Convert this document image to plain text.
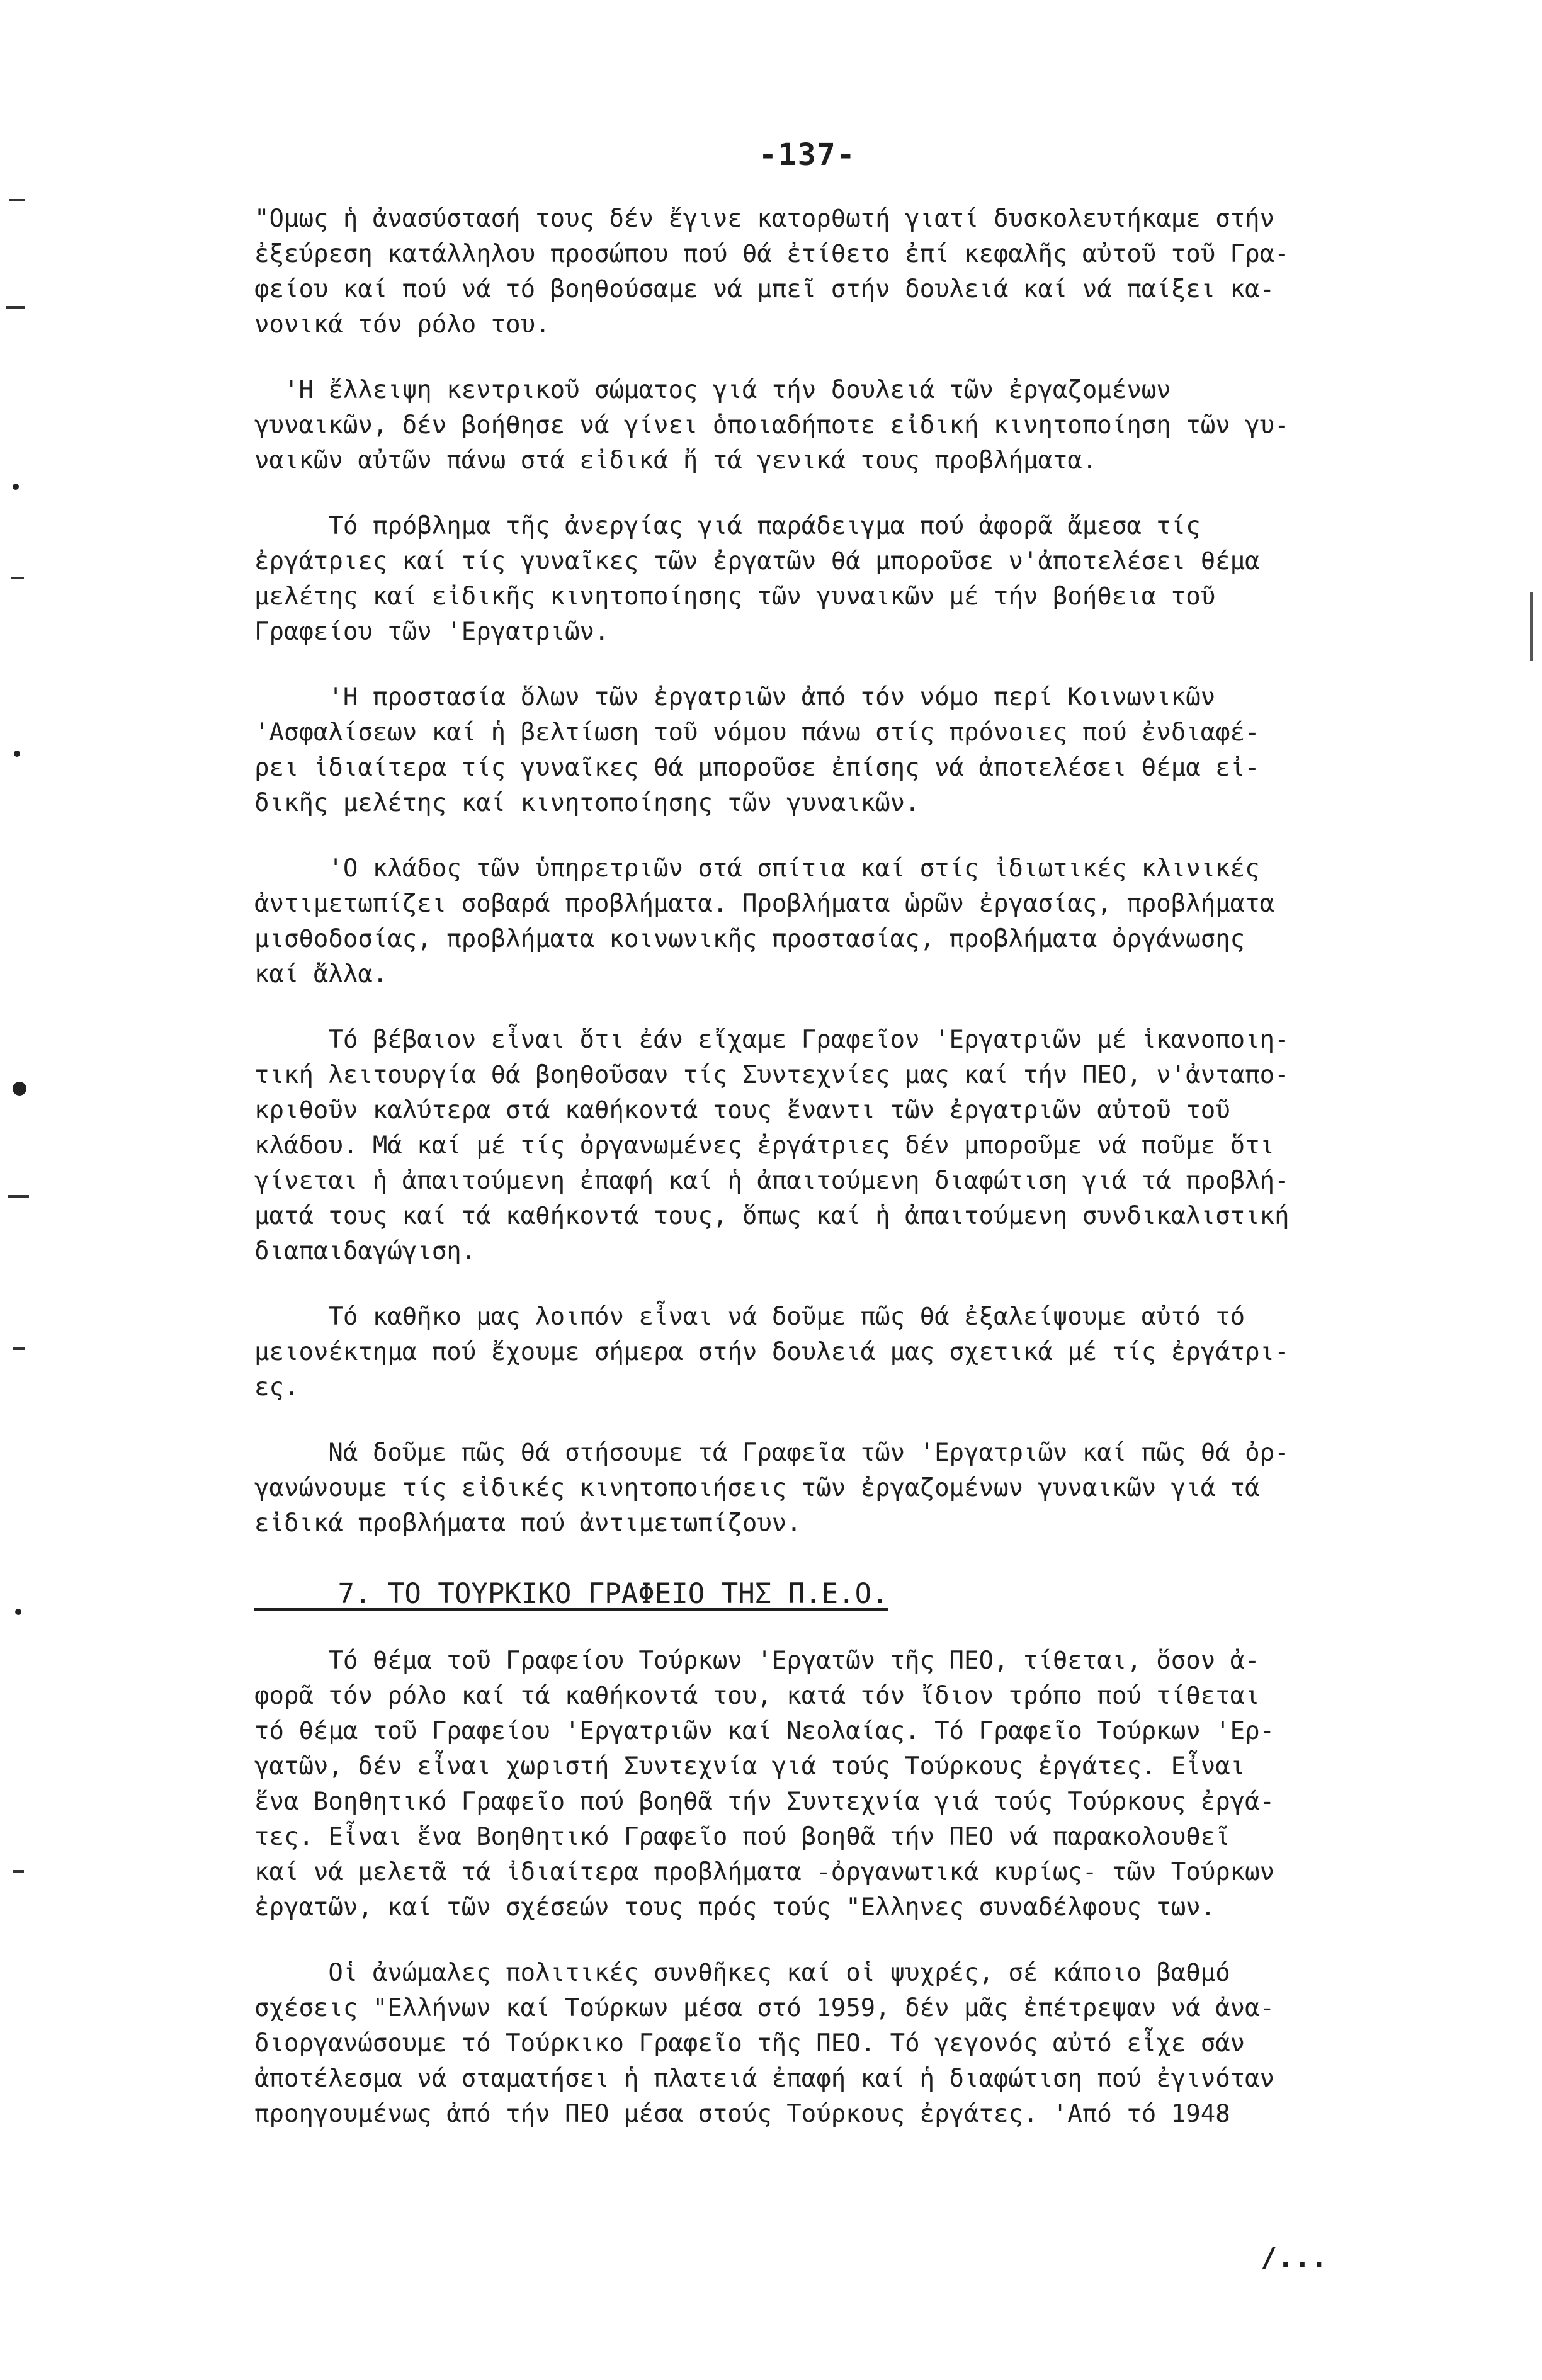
-137-
"Ομως ἡ ἀνασύστασή τους δέν ἔγινε κατορθωτή γιατί δυσκολευτήκαμε στήν
ἐξεύρεση κατάλληλου προσώπου πού θά ἐτίθετο ἐπί κεφαλῆς αὐτοῦ τοῦ Γρα-
φείου καί πού νά τό βοηθούσαμε νά μπεῖ στήν δουλειά καί νά παίξει κα-
νονικά τόν ρόλο του.
'Η ἔλλειψη κεντρικοῦ σώματος γιά τήν δουλειά τῶν ἐργαζομένων
γυναικῶν, δέν βοήθησε νά γίνει ὁποιαδήποτε εἰδική κινητοποίηση τῶν γυ-
ναικῶν αὐτῶν πάνω στά εἰδικά ἤ τά γενικά τους προβλήματα.
Τό πρόβλημα τῆς ἀνεργίας γιά παράδειγμα πού ἀφορᾶ ἄμεσα τίς
ἐργάτριες καί τίς γυναῖκες τῶν ἐργατῶν θά μποροῦσε ν'ἀποτελέσει θέμα
μελέτης καί εἰδικῆς κινητοποίησης τῶν γυναικῶν μέ τήν βοήθεια τοῦ
Γραφείου τῶν 'Εργατριῶν.
'Η προστασία ὅλων τῶν ἐργατριῶν ἀπό τόν νόμο περί Κοινωνικῶν
'Ασφαλίσεων καί ἡ βελτίωση τοῦ νόμου πάνω στίς πρόνοιες πού ἐνδιαφέ-
ρει ἰδιαίτερα τίς γυναῖκες θά μποροῦσε ἐπίσης νά ἀποτελέσει θέμα εἰ-
δικῆς μελέτης καί κινητοποίησης τῶν γυναικῶν.
'Ο κλάδος τῶν ὑπηρετριῶν στά σπίτια καί στίς ἰδιωτικές κλινικές
ἀντιμετωπίζει σοβαρά προβλήματα. Προβλήματα ὡρῶν ἐργασίας, προβλήματα
μισθοδοσίας, προβλήματα κοινωνικῆς προστασίας, προβλήματα ὀργάνωσης
καί ἄλλα.
Τό βέβαιον εἶναι ὅτι ἐάν εἴχαμε Γραφεῖον 'Εργατριῶν μέ ἱκανοποιη-
τική λειτουργία θά βοηθοῦσαν τίς Συντεχνίες μας καί τήν ΠΕΟ, ν'ἀνταπο-
κριθοῦν καλύτερα στά καθήκοντά τους ἔναντι τῶν ἐργατριῶν αὐτοῦ τοῦ
κλάδου. Μά καί μέ τίς ὀργανωμένες ἐργάτριες δέν μποροῦμε νά ποῦμε ὅτι
γίνεται ἡ ἀπαιτούμενη ἐπαφή καί ἡ ἀπαιτούμενη διαφώτιση γιά τά προβλή-
ματά τους καί τά καθήκοντά τους, ὅπως καί ἡ ἀπαιτούμενη συνδικαλιστική
διαπαιδαγώγιση.
Τό καθῆκο μας λοιπόν εἶναι νά δοῦμε πῶς θά ἐξαλείψουμε αὐτό τό
μειονέκτημα πού ἔχουμε σήμερα στήν δουλειά μας σχετικά μέ τίς ἐργάτρι-
ες.
Νά δοῦμε πῶς θά στήσουμε τά Γραφεῖα τῶν 'Εργατριῶν καί πῶς θά ὀρ-
γανώνουμε τίς εἰδικές κινητοποιήσεις τῶν ἐργαζομένων γυναικῶν γιά τά
εἰδικά προβλήματα πού ἀντιμετωπίζουν.
7. ΤΟ ΤΟΥΡΚΙΚΟ ΓΡΑΦΕΙΟ ΤΗΣ Π.Ε.Ο.
Τό θέμα τοῦ Γραφείου Τούρκων 'Εργατῶν τῆς ΠΕΟ, τίθεται, ὅσον ἀ-
φορᾶ τόν ρόλο καί τά καθήκοντά του, κατά τόν ἴδιον τρόπο πού τίθεται
τό θέμα τοῦ Γραφείου 'Εργατριῶν καί Νεολαίας. Τό Γραφεῖο Τούρκων 'Ερ-
γατῶν, δέν εἶναι χωριστή Συντεχνία γιά τούς Τούρκους ἐργάτες. Εἶναι
ἕνα Βοηθητικό Γραφεῖο πού βοηθᾶ τήν Συντεχνία γιά τούς Τούρκους ἐργά-
τες. Εἶναι ἕνα Βοηθητικό Γραφεῖο πού βοηθᾶ τήν ΠΕΟ νά παρακολουθεῖ
καί νά μελετᾶ τά ἰδιαίτερα προβλήματα -ὀργανωτικά κυρίως- τῶν Τούρκων
ἐργατῶν, καί τῶν σχέσεών τους πρός τούς "Ελληνες συναδέλφους των.
Οἱ ἀνώμαλες πολιτικές συνθῆκες καί οἱ ψυχρές, σέ κάποιο βαθμό
σχέσεις "Ελλήνων καί Τούρκων μέσα στό 1959, δέν μᾶς ἐπέτρεψαν νά ἀνα-
διοργανώσουμε τό Τούρκικο Γραφεῖο τῆς ΠΕΟ. Τό γεγονός αὐτό εἶχε σάν
ἀποτέλεσμα νά σταματήσει ἡ πλατειά ἐπαφή καί ἡ διαφώτιση πού ἐγινόταν
προηγουμένως ἀπό τήν ΠΕΟ μέσα στούς Τούρκους ἐργάτες. 'Από τό 1948
/...
